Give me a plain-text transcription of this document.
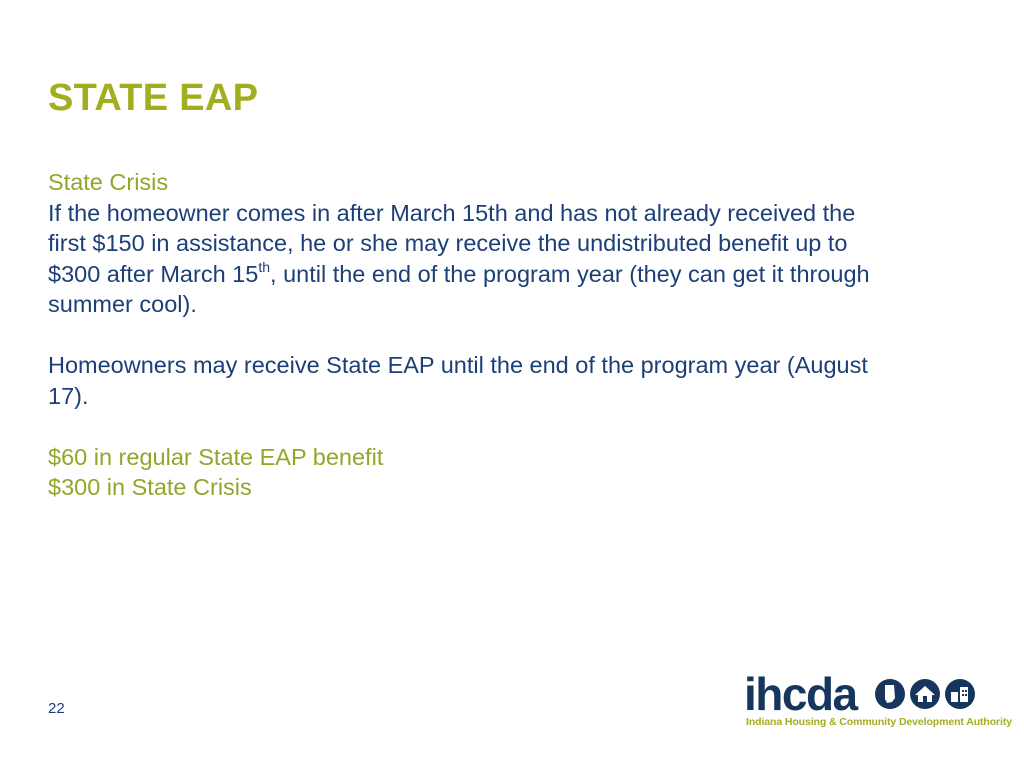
STATE EAP

State Crisis

If the homeowner comes in after March 15th and has not already received the

first $150 in assistance, he or she may receive the undistributed benefit up to

$300 after March 15th, until the end of the program year (they can get it through

summer cool).

Homeowners may receive State EAP until the end of the program year (August

17).

$60 in regular State EAP benefit

$300 in State Crisis

22	ihcda
Indiana Housing & Community Development Authority
